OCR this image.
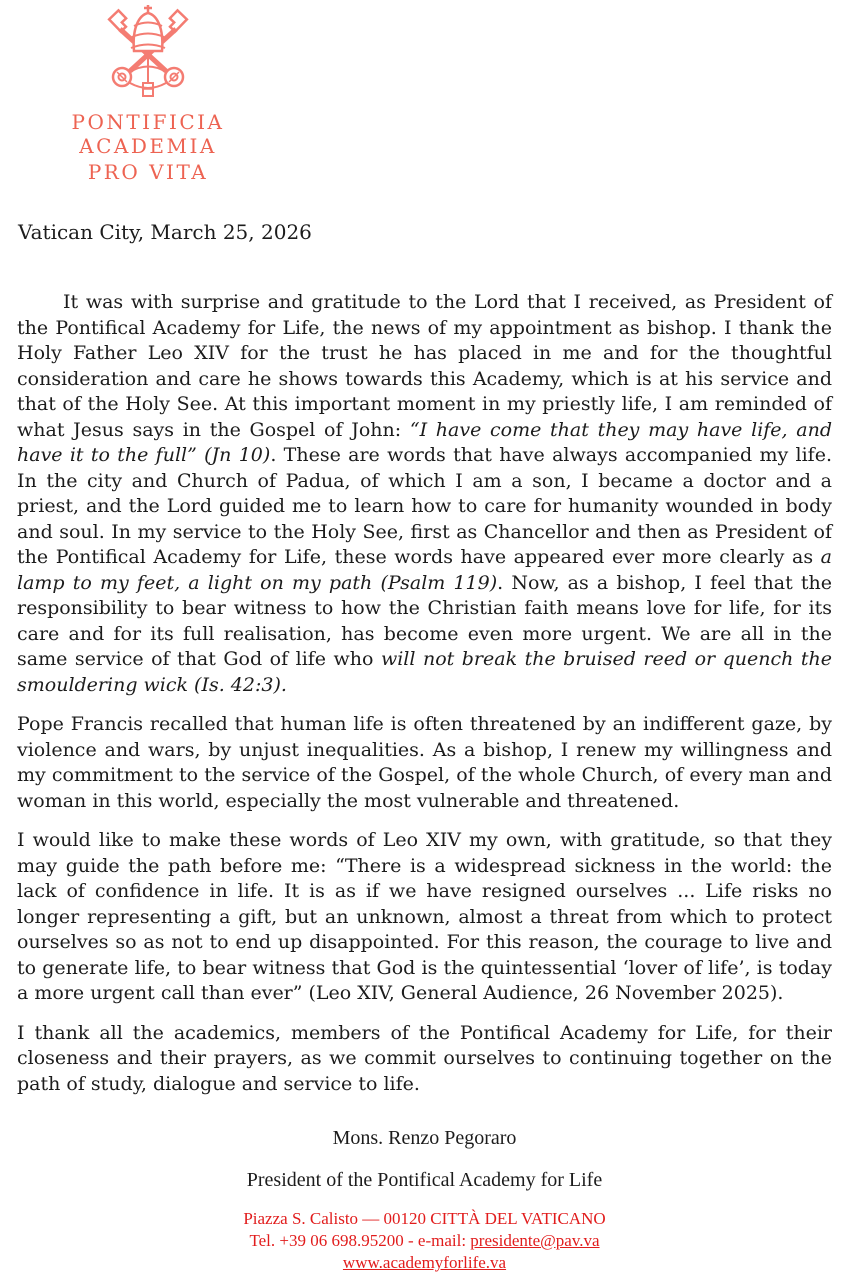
PONTIFICIA ACADEMIA
PRO VITA
Vatican City, March 25, 2026

It was with surprise and gratitude to the Lord that I received, as President of the Pontifical Academy for Life, the news of my appointment as bishop. I thank the Holy Father Leo XIV for the trust he has placed in me and for the thoughtful consideration and care he shows towards this Academy, which is at his service and that of the Holy See. At this important moment in my priestly life, I am reminded of what Jesus says in the Gospel of John: “I have come that they may have life, and have it to the full” (Jn 10). These are words that have always accompanied my life. In the city and Church of Padua, of which I am a son, I became a doctor and a priest, and the Lord guided me to learn how to care for humanity wounded in body and soul. In my service to the Holy See, first as Chancellor and then as President of the Pontifical Academy for Life, these words have appeared ever more clearly as a lamp to my feet, a light on my path (Psalm 119). Now, as a bishop, I feel that the responsibility to bear witness to how the Christian faith means love for life, for its care and for its full realisation, has become even more urgent. We are all in the same service of that God of life who will not break the bruised reed or quench the smouldering wick (Is. 42:3).

Pope Francis recalled that human life is often threatened by an indifferent gaze, by violence and wars, by unjust inequalities. As a bishop, I renew my willingness and my commitment to the service of the Gospel, of the whole Church, of every man and woman in this world, especially the most vulnerable and threatened.

I would like to make these words of Leo XIV my own, with gratitude, so that they may guide the path before me: “There is a widespread sickness in the world: the lack of confidence in life. It is as if we have resigned ourselves ... Life risks no longer representing a gift, but an unknown, almost a threat from which to protect ourselves so as not to end up disappointed. For this reason, the courage to live and to generate life, to bear witness that God is the quintessential ‘lover of life’, is today a more urgent call than ever” (Leo XIV, General Audience, 26 November 2025).

I thank all the academics, members of the Pontifical Academy for Life, for their closeness and their prayers, as we commit ourselves to continuing together on the path of study, dialogue and service to life.

Mons. Renzo Pegoraro
President of the Pontifical Academy for Life
Piazza S. Calisto — 00120 CITTÀ DEL VATICANO
Tel. +39 06 698.95200 - e-mail: presidente@pav.va
www.academyforlife.va
